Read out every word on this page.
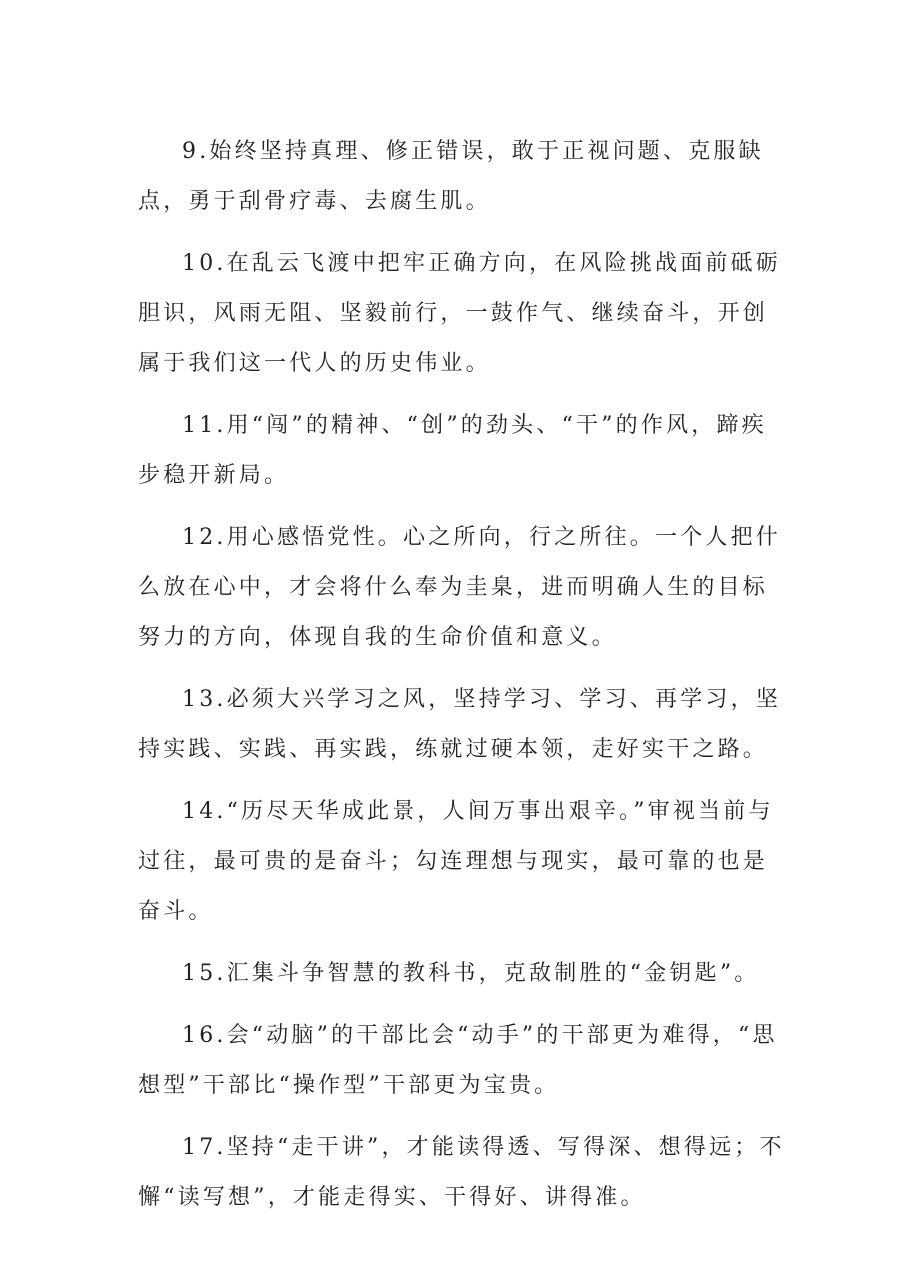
9.始终坚持真理、修正错误，敢于正视问题、克服缺点，勇于刮骨疗毒、去腐生肌。

10.在乱云飞渡中把牢正确方向，在风险挑战面前砥砺胆识，风雨无阻、坚毅前行，一鼓作气、继续奋斗，开创属于我们这一代人的历史伟业。

11.用“闯”的精神、“创”的劲头、“干”的作风，蹄疾步稳开新局。

12.用心感悟党性。心之所向，行之所往。一个人把什么放在心中，才会将什么奉为圭臬，进而明确人生的目标努力的方向，体现自我的生命价值和意义。

13.必须大兴学习之风，坚持学习、学习、再学习，坚持实践、实践、再实践，练就过硬本领，走好实干之路。

14.“历尽天华成此景，人间万事出艰辛。”审视当前与过往，最可贵的是奋斗；勾连理想与现实，最可靠的也是奋斗。

15.汇集斗争智慧的教科书，克敌制胜的“金钥匙”。

16.会“动脑”的干部比会“动手”的干部更为难得，“思想型”干部比“操作型”干部更为宝贵。

17.坚持“走干讲”，才能读得透、写得深、想得远；不懈“读写想”，才能走得实、干得好、讲得准。
